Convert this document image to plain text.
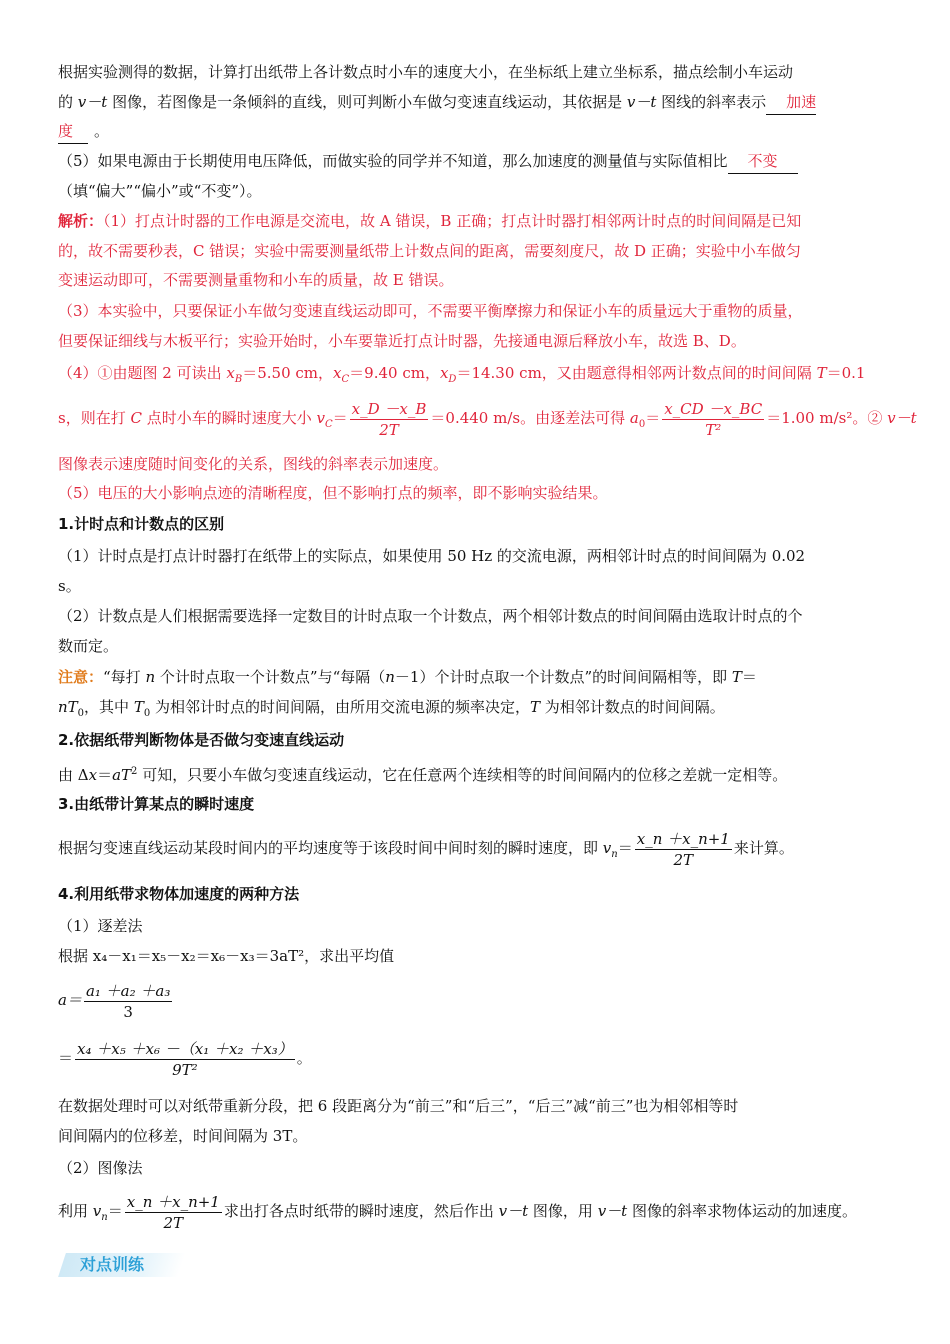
根据实验测得的数据，计算打出纸带上各计数点时小车的速度大小，在坐标纸上建立坐标系，描点绘制小车运动
的 v－t 图像，若图像是一条倾斜的直线，则可判断小车做匀变速直线运动，其依据是 v－t 图线的斜率表示 加速
度 。
（5）如果电源由于长期使用电压降低，而做实验的同学并不知道，那么加速度的测量值与实际值相比 不变
（填“偏大”“偏小”或“不变”）。
解析：（1）打点计时器的工作电源是交流电，故 A 错误，B 正确；打点计时器打相邻两计时点的时间间隔是已知
的，故不需要秒表，C 错误；实验中需要测量纸带上计数点间的距离，需要刻度尺，故 D 正确；实验中小车做匀
变速运动即可，不需要测量重物和小车的质量，故 E 错误。
（3）本实验中，只要保证小车做匀变速直线运动即可，不需要平衡摩擦力和保证小车的质量远大于重物的质量，
但要保证细线与木板平行；实验开始时，小车要靠近打点计时器，先接通电源后释放小车，故选 B、D。
（4）①由题图 2 可读出 $x_B=5.50$ cm，$x_C=9.40$ cm，$x_D=14.30$ cm，又由题意得相邻两计数点间的时间间隔 T＝0.1
s，则在打 C 点时小车的瞬时速度大小 $v_C= \frac{x\_D -x\_B}{2T} =0.440$ m/s。由逐差法可得 $a_0= \frac{x\_CD -x\_BC}{\text{T²}} =1.00$ m/s²。② v－t
图像表示速度随时间变化的关系，图线的斜率表示加速度。
（5）电压的大小影响点迹的清晰程度，但不影响打点的频率，即不影响实验结果。
1.计时点和计数点的区别
（1）计时点是打点计时器打在纸带上的实际点，如果使用 50 Hz 的交流电源，两相邻计时点的时间间隔为 0.02
s。
（2）计数点是人们根据需要选择一定数目的计时点取一个计数点，两个相邻计数点的时间间隔由选取计时点的个
数而定。
注意：“每打 n 个计时点取一个计数点”与“每隔（n－1）个计时点取一个计数点”的时间间隔相等，即 T＝
$nT_0$，其中 $T_0$ 为相邻计时点的时间间隔，由所用交流电源的频率决定，T 为相邻计数点的时间间隔。
2.依据纸带判断物体是否做匀变速直线运动
由 $\Delta x=aT^2$ 可知，只要小车做匀变速直线运动，它在任意两个连续相等的时间间隔内的位移之差就一定相等。
3.由纸带计算某点的瞬时速度
根据匀变速直线运动某段时间内的平均速度等于该段时间中间时刻的瞬时速度，即 $v_n= \frac{x\_n +x\_n+1}{2T}$ 来计算。
4.利用纸带求物体加速度的两种方法
（1）逐差法
根据 x₄－x₁＝x₅－x₂＝x₆－x₃＝3aT²，求出平均值
$a= \frac{\text{a₁ ＋a₂ ＋a₃}}{3}$
＝ $\frac{\text{x₄ ＋x₅ ＋x₆ －（x₁ ＋x₂ ＋x₃）}}{\text{9T²}}$ 。
在数据处理时可以对纸带重新分段，把 6 段距离分为“前三”和“后三”，“后三”减“前三”也为相邻相等时
间间隔内的位移差，时间间隔为 3T。
（2）图像法
利用 $v_n= \frac{x\_n +x\_n+1}{2T}$ 求出打各点时纸带的瞬时速度，然后作出 v－t 图像，用 v－t 图像的斜率求物体运动的加速度。
对点训练
